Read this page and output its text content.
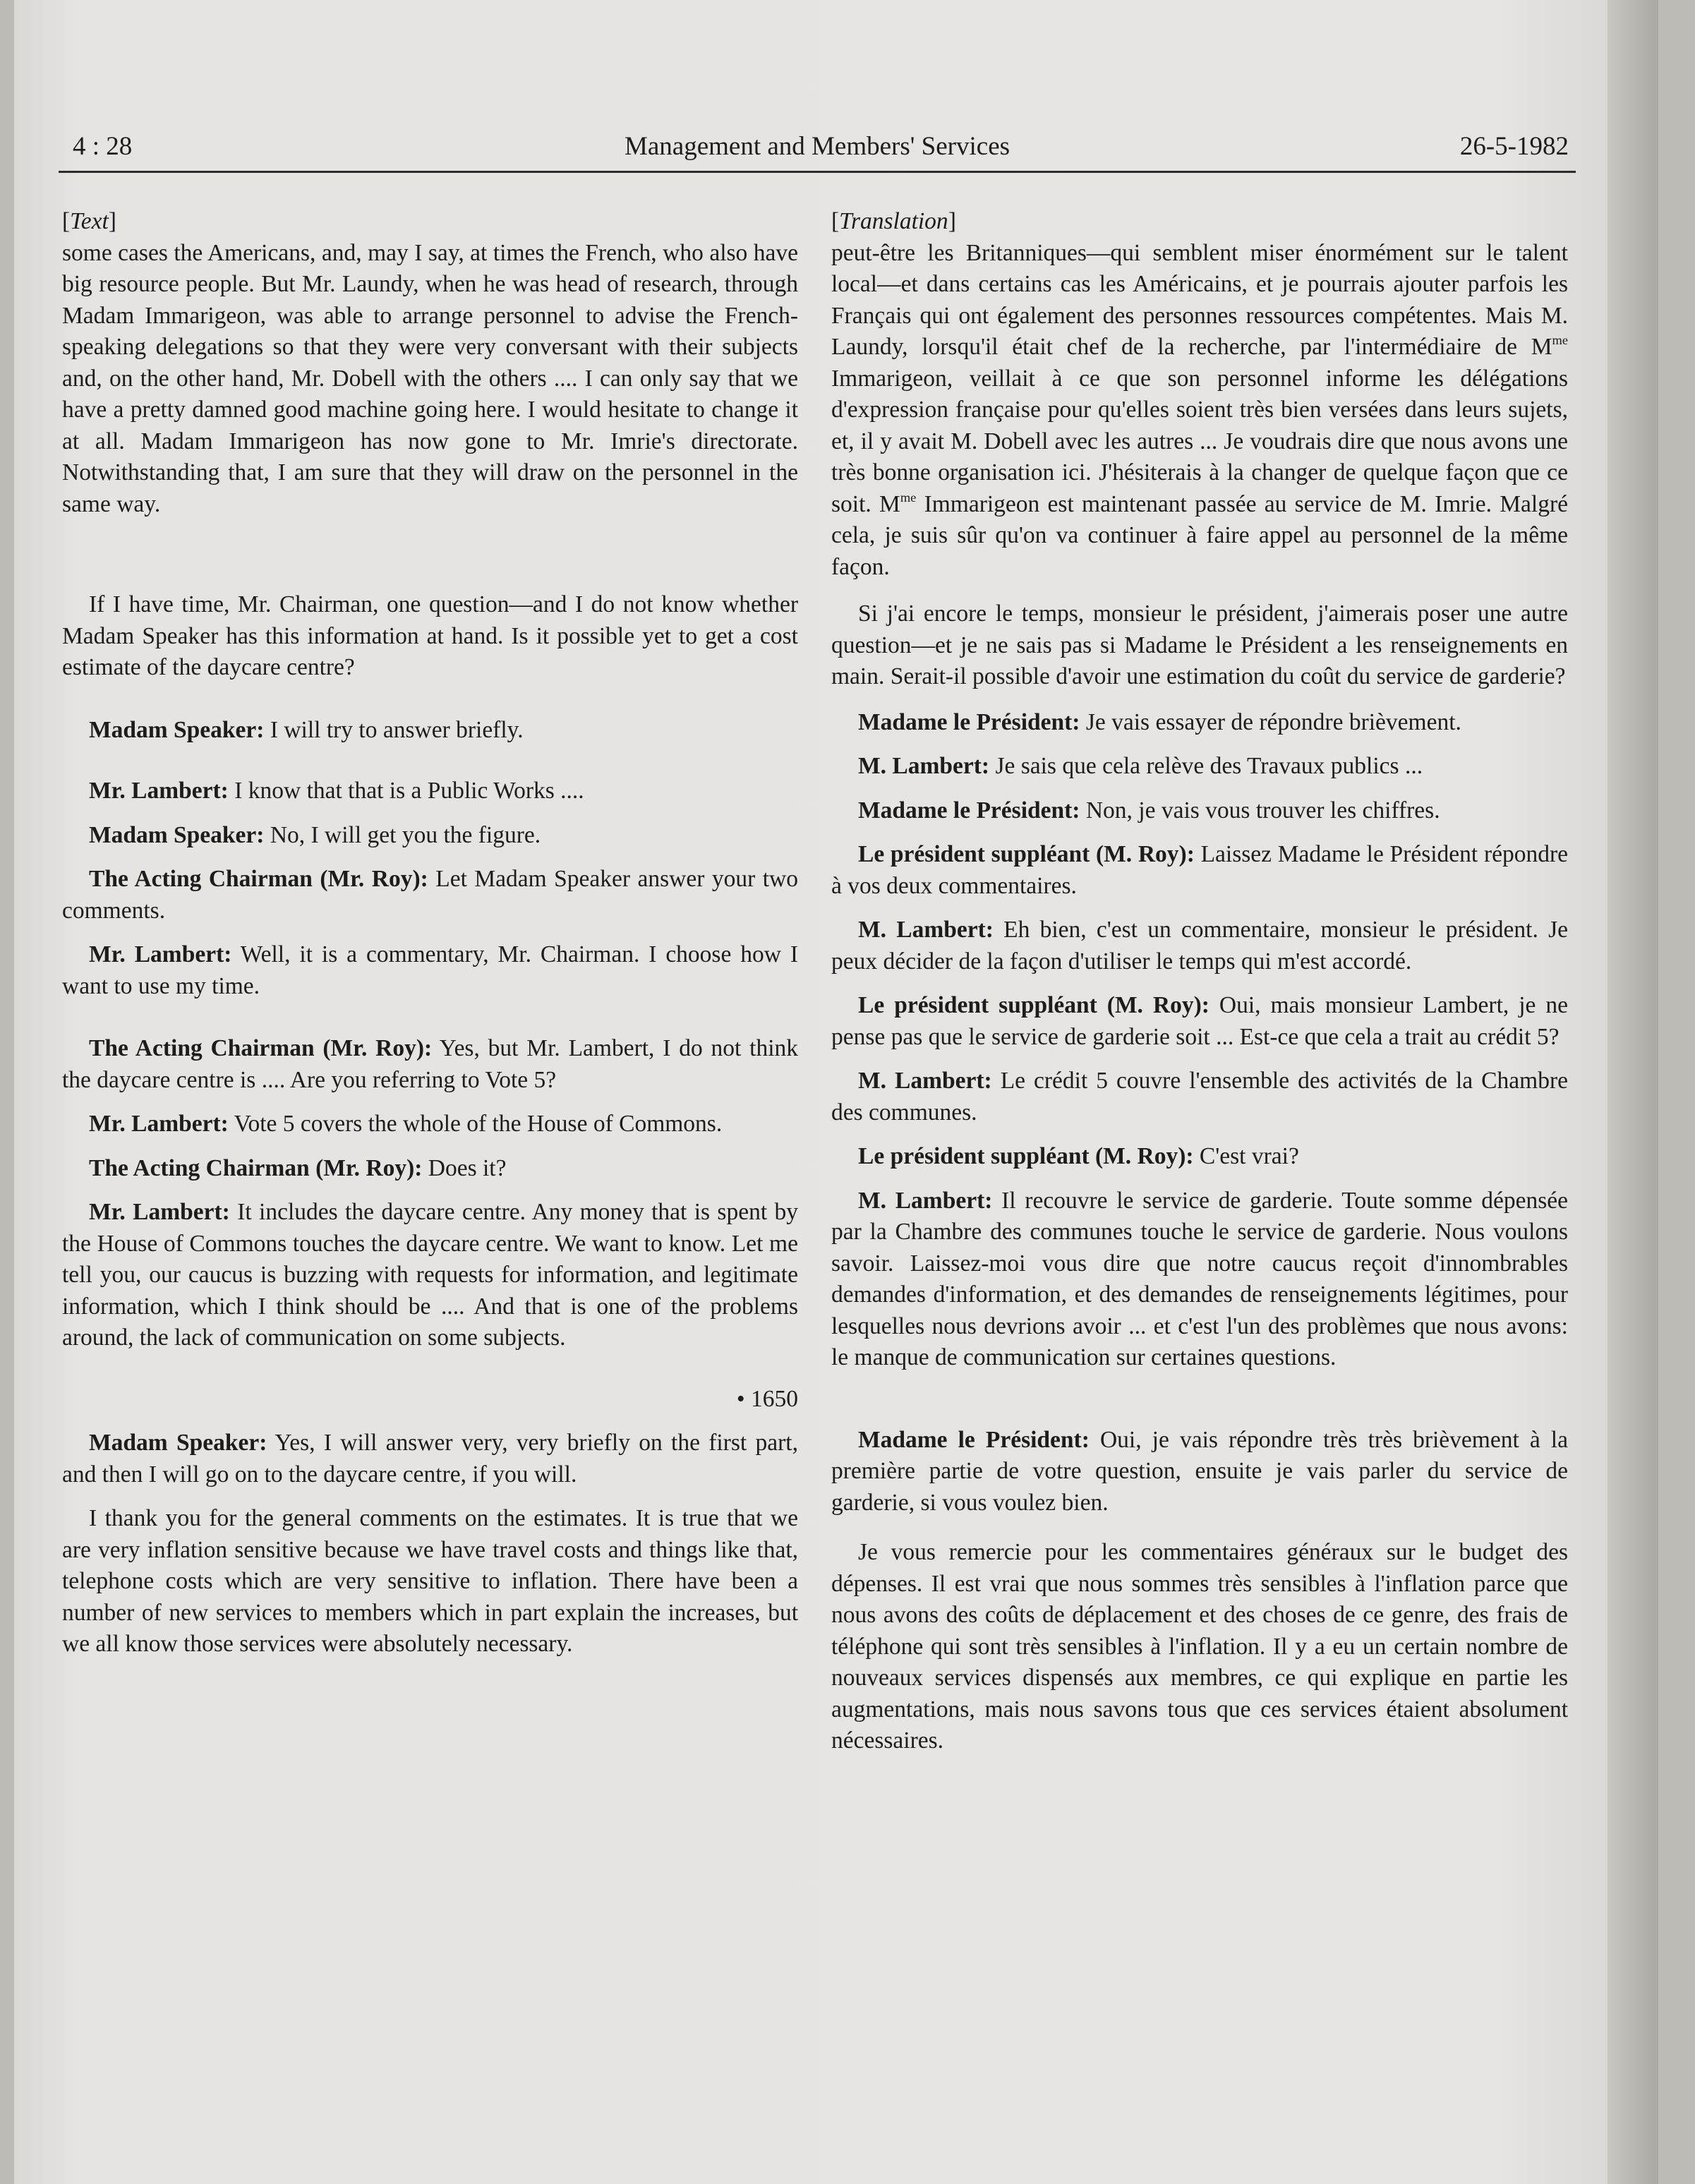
4 : 28	Management and Members' Services	26-5-1982

[Text]

some cases the Americans, and, may I say, at times the French, who also have big resource people. But Mr. Laundy, when he was head of research, through Madam Immarigeon, was able to arrange personnel to advise the French-speaking delegations so that they were very conversant with their subjects and, on the other hand, Mr. Dobell with the others .... I can only say that we have a pretty damned good machine going here. I would hesitate to change it at all. Madam Immarigeon has now gone to Mr. Imrie's directorate. Notwithstanding that, I am sure that they will draw on the personnel in the same way.

If I have time, Mr. Chairman, one question—and I do not know whether Madam Speaker has this information at hand. Is it possible yet to get a cost estimate of the daycare centre?

Madam Speaker: I will try to answer briefly.

Mr. Lambert: I know that that is a Public Works ....

Madam Speaker: No, I will get you the figure.

The Acting Chairman (Mr. Roy): Let Madam Speaker answer your two comments.

Mr. Lambert: Well, it is a commentary, Mr. Chairman. I choose how I want to use my time.

The Acting Chairman (Mr. Roy): Yes, but Mr. Lambert, I do not think the daycare centre is .... Are you referring to Vote 5?

Mr. Lambert: Vote 5 covers the whole of the House of Commons.

The Acting Chairman (Mr. Roy): Does it?

Mr. Lambert: It includes the daycare centre. Any money that is spent by the House of Commons touches the daycare centre. We want to know. Let me tell you, our caucus is buzzing with requests for information, and legitimate information, which I think should be .... And that is one of the problems around, the lack of communication on some subjects.

• 1650

Madam Speaker: Yes, I will answer very, very briefly on the first part, and then I will go on to the daycare centre, if you will.

I thank you for the general comments on the estimates. It is true that we are very inflation sensitive because we have travel costs and things like that, telephone costs which are very sensitive to inflation. There have been a number of new services to members which in part explain the increases, but we all know those services were absolutely necessary.

[Translation]

peut-être les Britanniques—qui semblent miser énormément sur le talent local—et dans certains cas les Américains, et je pourrais ajouter parfois les Français qui ont également des personnes ressources compétentes. Mais M. Laundy, lorsqu'il était chef de la recherche, par l'intermédiaire de $M^{me}$ Immarigeon, veillait à ce que son personnel informe les délégations d'expression française pour qu'elles soient très bien versées dans leurs sujets, et, il y avait M. Dobell avec les autres ... Je voudrais dire que nous avons une très bonne organisation ici. J'hésiterais à la changer de quelque façon que ce soit. $M^{me}$ Immarigeon est maintenant passée au service de M. Imrie. Malgré cela, je suis sûr qu'on va continuer à faire appel au personnel de la même façon.

Si j'ai encore le temps, monsieur le président, j'aimerais poser une autre question—et je ne sais pas si Madame le Président a les renseignements en main. Serait-il possible d'avoir une estimation du coût du service de garderie?

Madame le Président: Je vais essayer de répondre brièvement.

M. Lambert: Je sais que cela relève des Travaux publics ...

Madame le Président: Non, je vais vous trouver les chiffres.

Le président suppléant (M. Roy): Laissez Madame le Président répondre à vos deux commentaires.

M. Lambert: Eh bien, c'est un commentaire, monsieur le président. Je peux décider de la façon d'utiliser le temps qui m'est accordé.

Le président suppléant (M. Roy): Oui, mais monsieur Lambert, je ne pense pas que le service de garderie soit ... Est-ce que cela a trait au crédit 5?

M. Lambert: Le crédit 5 couvre l'ensemble des activités de la Chambre des communes.

Le président suppléant (M. Roy): C'est vrai?

M. Lambert: Il recouvre le service de garderie. Toute somme dépensée par la Chambre des communes touche le service de garderie. Nous voulons savoir. Laissez-moi vous dire que notre caucus reçoit d'innombrables demandes d'information, et des demandes de renseignements légitimes, pour lesquelles nous devrions avoir ... et c'est l'un des problèmes que nous avons: le manque de communication sur certaines questions.

Madame le Président: Oui, je vais répondre très très brièvement à la première partie de votre question, ensuite je vais parler du service de garderie, si vous voulez bien.

Je vous remercie pour les commentaires généraux sur le budget des dépenses. Il est vrai que nous sommes très sensibles à l'inflation parce que nous avons des coûts de déplacement et des choses de ce genre, des frais de téléphone qui sont très sensibles à l'inflation. Il y a eu un certain nombre de nouveaux services dispensés aux membres, ce qui explique en partie les augmentations, mais nous savons tous que ces services étaient absolument nécessaires.
